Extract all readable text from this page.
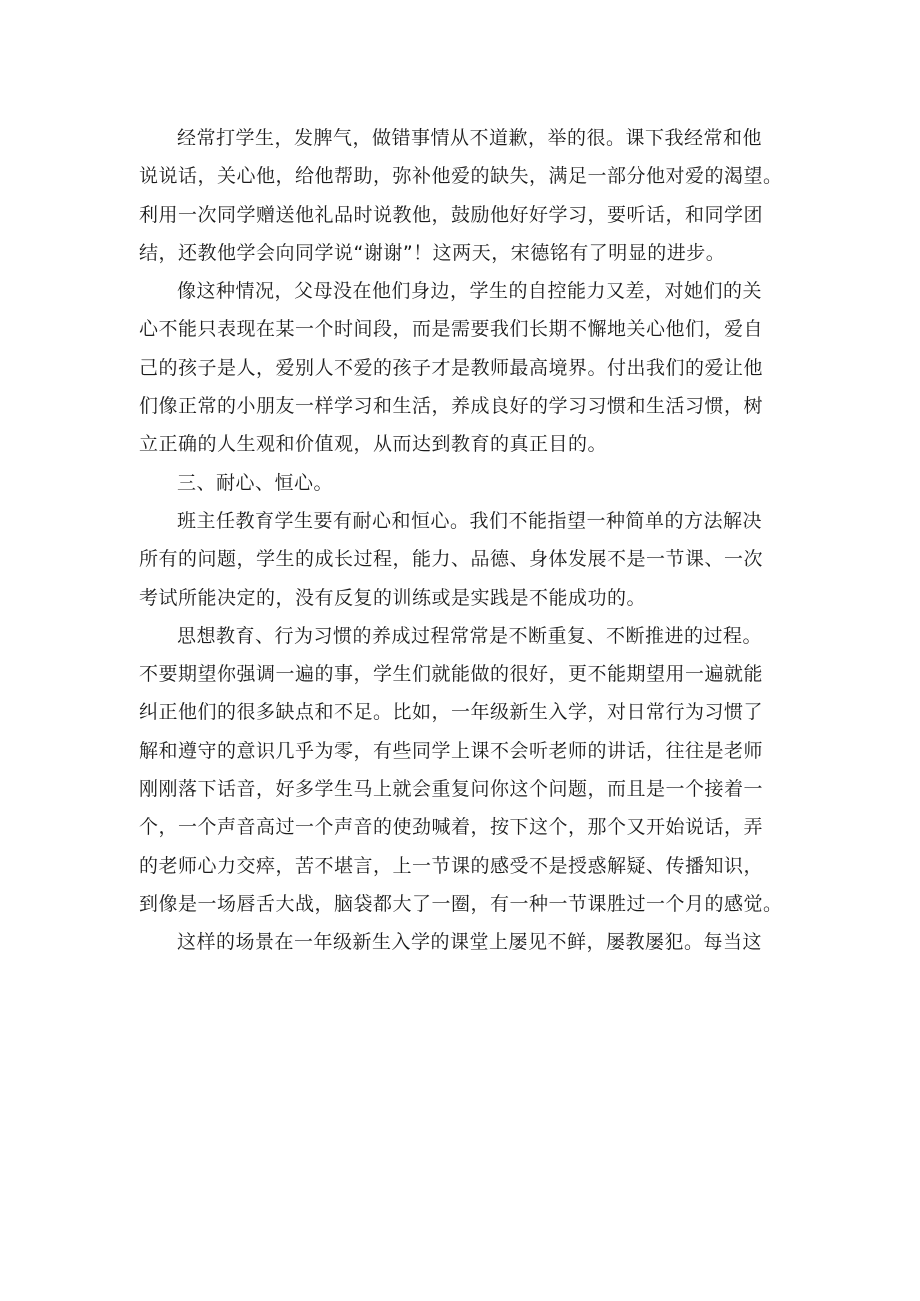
经常打学生，发脾气，做错事情从不道歉，举的很。课下我经常和他
说说话，关心他，给他帮助，弥补他爱的缺失，满足一部分他对爱的渴望。
利用一次同学赠送他礼品时说教他，鼓励他好好学习，要听话，和同学团
结，还教他学会向同学说“谢谢”！这两天，宋德铭有了明显的进步。
像这种情况，父母没在他们身边，学生的自控能力又差，对她们的关
心不能只表现在某一个时间段，而是需要我们长期不懈地关心他们，爱自
己的孩子是人，爱别人不爱的孩子才是教师最高境界。付出我们的爱让他
们像正常的小朋友一样学习和生活，养成良好的学习习惯和生活习惯，树
立正确的人生观和价值观，从而达到教育的真正目的。
三、耐心、恒心。
班主任教育学生要有耐心和恒心。我们不能指望一种简单的方法解决
所有的问题，学生的成长过程，能力、品德、身体发展不是一节课、一次
考试所能决定的，没有反复的训练或是实践是不能成功的。
思想教育、行为习惯的养成过程常常是不断重复、不断推进的过程。
不要期望你强调一遍的事，学生们就能做的很好，更不能期望用一遍就能
纠正他们的很多缺点和不足。比如，一年级新生入学，对日常行为习惯了
解和遵守的意识几乎为零，有些同学上课不会听老师的讲话，往往是老师
刚刚落下话音，好多学生马上就会重复问你这个问题，而且是一个接着一
个，一个声音高过一个声音的使劲喊着，按下这个，那个又开始说话，弄
的老师心力交瘁，苦不堪言，上一节课的感受不是授惑解疑、传播知识，
到像是一场唇舌大战，脑袋都大了一圈，有一种一节课胜过一个月的感觉。
这样的场景在一年级新生入学的课堂上屡见不鲜，屡教屡犯。每当这
